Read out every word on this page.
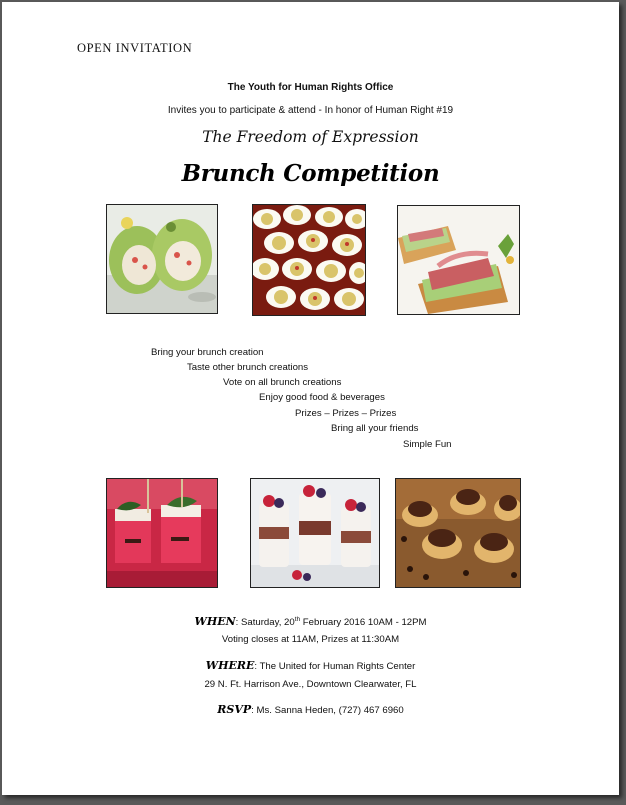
OPEN INVITATION
The Youth for Human Rights Office
Invites you to participate & attend - In honor of Human Right #19
The Freedom of Expression
Brunch Competition
Bring your brunch creation
Taste other brunch creations
Vote on all brunch creations
Enjoy good food & beverages
Prizes – Prizes – Prizes
Bring all your friends
Simple Fun
WHEN: Saturday, 20th February 2016 10AM - 12PM
Voting closes at 11AM, Prizes at 11:30AM
WHERE: The United for Human Rights Center
29 N. Ft. Harrison Ave., Downtown Clearwater, FL
RSVP: Ms. Sanna Heden, (727) 467 6960
